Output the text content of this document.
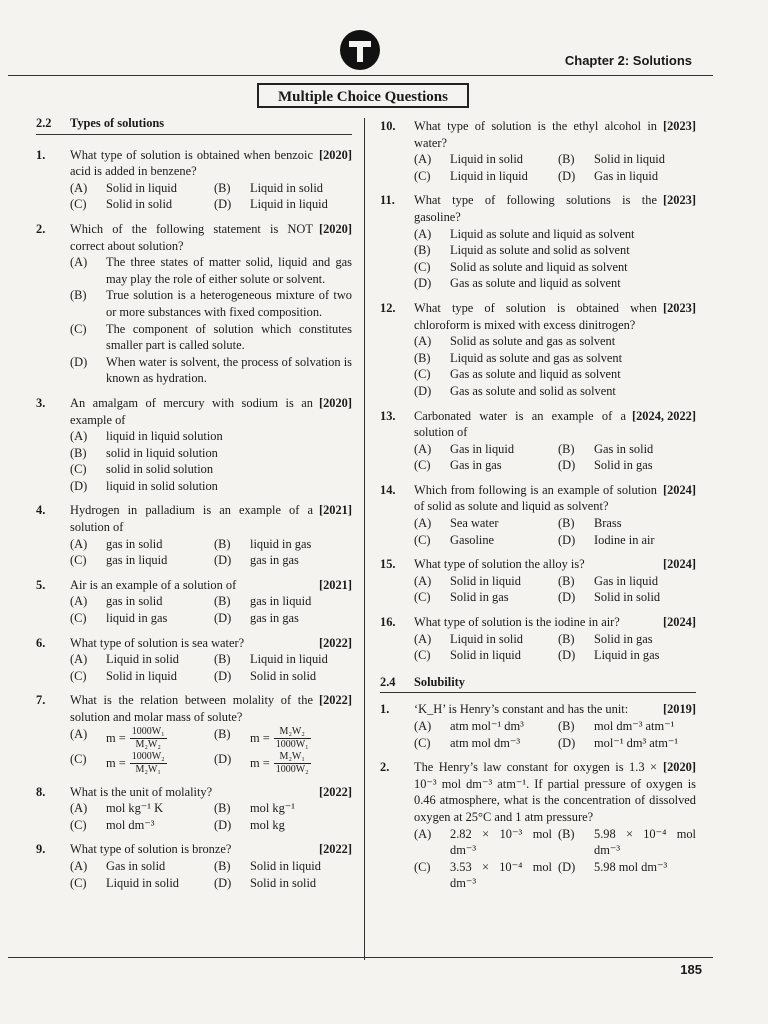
Chapter 2: Solutions
Multiple Choice Questions
2.2	Types of solutions
1.	[2020]
What type of solution is obtained when benzoic acid is added in benzene?

(A)	Solid in liquid	(B)	Liquid in solid
(C)	Solid in solid	(D)	Liquid in liquid
2.	[2020]
Which of the following statement is NOT correct about solution?

(A)	The three states of matter solid, liquid and gas may play the role of either solute or solvent.
(B)	True solution is a heterogeneous mixture of two or more substances with fixed composition.
(C)	The component of solution which constitutes smaller part is called solute.
(D)	When water is solvent, the process of solvation is known as hydration.
3.	[2020]
An amalgam of mercury with sodium is an example of

(A)	liquid in liquid solution
(B)	solid in liquid solution
(C)	solid in solid solution
(D)	liquid in solid solution
4.	[2021]
Hydrogen in palladium is an example of a solution of

(A)	gas in solid	(B)	liquid in gas
(C)	gas in liquid	(D)	gas in gas
5.	[2021]
Air is an example of a solution of

(A)	gas in solid	(B)	gas in liquid
(C)	liquid in gas	(D)	gas in gas
6.	[2022]
What type of solution is sea water?

(A)	Liquid in solid	(B)	Liquid in liquid
(C)	Solid in liquid	(D)	Solid in solid
7.	[2022]
What is the relation between molality of the solution and molar mass of solute?

(A)	$m = \frac{\text{1000W₁}}{\text{M₂W₂}}$	(B)	$m = \frac{\text{M₂W₂}}{\text{1000W₁}}$
(C)	$m = \frac{\text{1000W₂}}{\text{M₂W₁}}$	(D)	$m = \frac{\text{M₂W₁}}{\text{1000W₂}}$
8.	[2022]
What is the unit of molality?

(A)	mol kg⁻¹ K	(B)	mol kg⁻¹
(C)	mol dm⁻³	(D)	mol kg
9.	[2022]
What type of solution is bronze?

(A)	Gas in solid	(B)	Solid in liquid
(C)	Liquid in solid	(D)	Solid in solid
10.	[2023]
What type of solution is the ethyl alcohol in water?

(A)	Liquid in solid	(B)	Solid in liquid
(C)	Liquid in liquid	(D)	Gas in liquid
11.	[2023]
What type of following solutions is the gasoline?

(A)	Liquid as solute and liquid as solvent
(B)	Liquid as solute and solid as solvent
(C)	Solid as solute and liquid as solvent
(D)	Gas as solute and liquid as solvent
12.	[2023]
What type of solution is obtained when chloroform is mixed with excess dinitrogen?

(A)	Solid as solute and gas as solvent
(B)	Liquid as solute and gas as solvent
(C)	Gas as solute and liquid as solvent
(D)	Gas as solute and solid as solvent
13.	[2024, 2022]
Carbonated water is an example of a solution of

(A)	Gas in liquid	(B)	Gas in solid
(C)	Gas in gas	(D)	Solid in gas
14.	[2024]
Which from following is an example of solution of solid as solute and liquid as solvent?

(A)	Sea water	(B)	Brass
(C)	Gasoline	(D)	Iodine in air
15.	[2024]
What type of solution the alloy is?

(A)	Solid in liquid	(B)	Gas in liquid
(C)	Solid in gas	(D)	Solid in solid
16.	[2024]
What type of solution is the iodine in air?

(A)	Liquid in solid	(B)	Solid in gas
(C)	Solid in liquid	(D)	Liquid in gas
2.4	Solubility
1.	[2019]
‘K_H’ is Henry’s constant and has the unit:

(A)	atm mol⁻¹ dm³	(B)	mol dm⁻³ atm⁻¹
(C)	atm mol dm⁻³	(D)	mol⁻¹ dm³ atm⁻¹
2.	[2020]
The Henry’s law constant for oxygen is 1.3 × 10⁻³ mol dm⁻³ atm⁻¹. If partial pressure of oxygen is 0.46 atmosphere, what is the concentration of dissolved oxygen at 25°C and 1 atm pressure?

(A)	2.82 × 10⁻³ mol dm⁻³
(B)	5.98 × 10⁻⁴ mol dm⁻³
(C)	3.53 × 10⁻⁴ mol dm⁻³
(D)	5.98 mol dm⁻³
185
